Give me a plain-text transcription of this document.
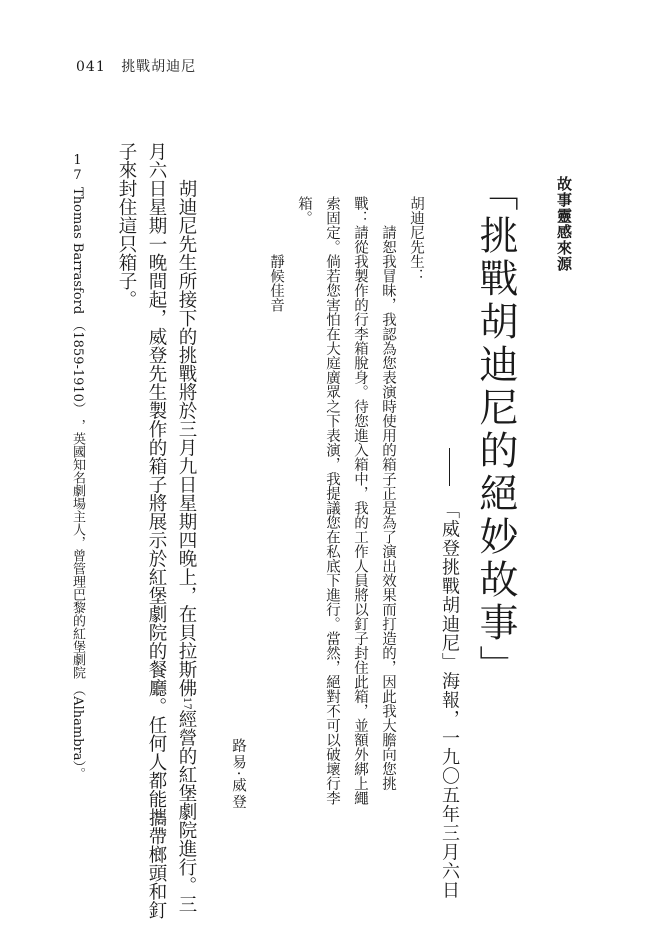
041 挑戰胡迪尼
故事靈感來源
「挑戰胡迪尼的絕妙故事」
「威登挑戰胡迪尼」海報，一九〇五年三月六日

胡迪尼先生：

請恕我冒昧，我認為您表演時使用的箱子正是為了演出效果而打造的，因此我大膽向您挑

戰：請從我製作的行李箱脫身。待您進入箱中，我的工作人員將以釘子封住此箱，並額外綁上繩

索固定。倘若您害怕在大庭廣眾之下表演，我提議您在私底下進行。當然，絕對不可以破壞行李

箱。

靜候佳音

路易·威登

胡迪尼先生所接下的挑戰將於三月九日星期四晚上，在貝拉斯佛17經營的紅堡劇院進行。三

月六日星期一晚間起，威登先生製作的箱子將展示於紅堡劇院的餐廳。任何人都能攜帶榔頭和釘

子來封住這只箱子。

17 Thomas Barrasford （1859-1910） ，英國知名劇場主人，曾管理巴黎的紅堡劇院 （Alhambra）。
